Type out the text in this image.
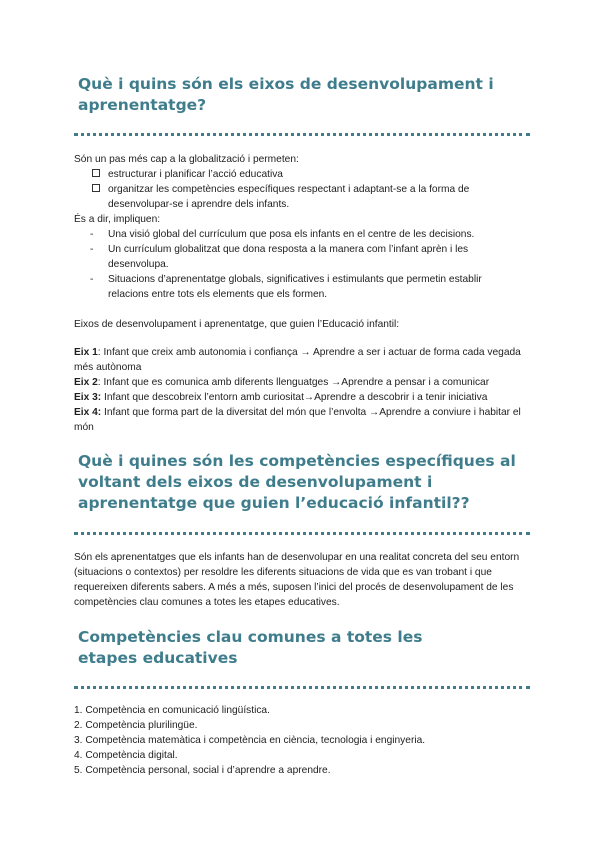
Què i quins són els eixos de desenvolupament i aprenentatge?

Són un pas més cap a la globalització i permeten:

estructurar i planificar l’acció educativa
organitzar les competències específiques respectant i adaptant-se a la forma de desenvolupar-se i aprendre dels infants.

És a dir, impliquen:

-	Una visió global del currículum que posa els infants en el centre de les decisions.
-	Un currículum globalitzat que dona resposta a la manera com l’infant aprèn i les desenvolupa.
-	Situacions d’aprenentatge globals, significatives i estimulants que permetin establir relacions entre tots els elements que els formen.

Eixos de desenvolupament i aprenentatge, que guien l’Educació infantil:

Eix 1: Infant que creix amb autonomia i confiança → Aprendre a ser i actuar de forma cada vegada més autònoma

Eix 2: Infant que es comunica amb diferents llenguatges →Aprendre a pensar i a comunicar

Eix 3: Infant que descobreix l’entorn amb curiositat→Aprendre a descobrir i a tenir iniciativa

Eix 4: Infant que forma part de la diversitat del món que l’envolta →Aprendre a conviure i habitar el món

Què i quines són les competències específiques al voltant dels eixos de desenvolupament i aprenentatge que guien l’educació infantil??

Són els aprenentatges que els infants han de desenvolupar en una realitat concreta del seu entorn (situacions o contextos) per resoldre les diferents situacions de vida que es van trobant i que requereixen diferents sabers. A més a més, suposen l’inici del procés de desenvolupament de les competències clau comunes a totes les etapes educatives.

Competències clau comunes a totes les etapes educatives

1. Competència en comunicació lingüística.

2. Competència plurilingüe.

3. Competència matemàtica i competència en ciència, tecnologia i enginyeria.

4. Competència digital.

5. Competència personal, social i d’aprendre a aprendre.
